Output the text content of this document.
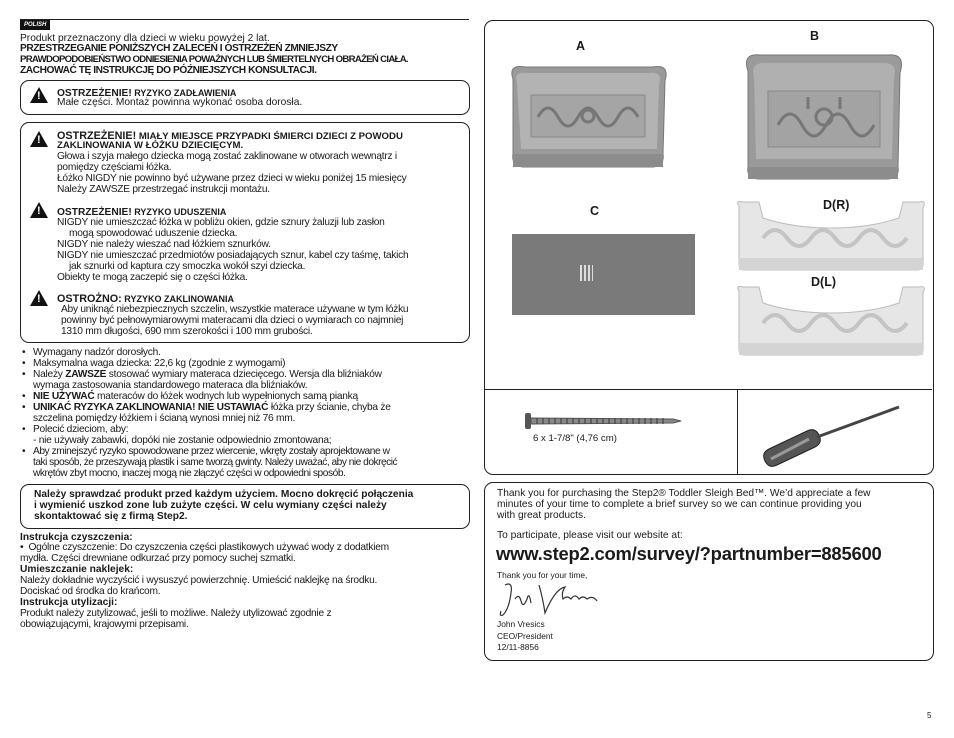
POLISH
Produkt przeznaczony dla dzieci w wieku powyżej 2 lat.
PRZESTRZEGANIE PONIŻSZYCH ZALECEŃ I OSTRZEŻEŃ ZMNIEJSZY
PRAWDOPODOBIEŃSTWO ODNIESIENIA POWAŻNYCH LUB ŚMIERTELNYCH OBRAŻEŃ CIAŁA.
ZACHOWAĆ TĘ INSTRUKCJĘ DO PÓŹNIEJSZYCH KONSULTACJI.
! OSTRZEŻENIE! RYZYKO ZADŁAWIENIA
Małe części. Montaż powinna wykonać osoba dorosła.
! OSTRZEŻENIE! MIAŁY MIEJSCE PRZYPADKI ŚMIERCI DZIECI Z POWODU
ZAKLINOWANIA W ŁÓŻKU DZIECIĘCYM.
Głowa i szyja małego dziecka mogą zostać zaklinowane w otworach wewnątrz i
pomiędzy częściami łóżka.
Łóżko NIGDY nie powinno być używane przez dzieci w wieku poniżej 15 miesięcy
Należy ZAWSZE przestrzegać instrukcji montażu.
! OSTRZEŻENIE! RYZYKO UDUSZENIA
NIGDY nie umieszczać łóżka w pobliżu okien, gdzie sznury żaluzji lub zasłon
mogą spowodować uduszenie dziecka.
NIGDY nie należy wieszać nad łóżkiem sznurków.
NIGDY nie umieszczać przedmiotów posiadających sznur, kabel czy taśmę, takich
jak sznurki od kaptura czy smoczka wokół szyi dziecka.
Obiekty te mogą zaczepić się o części łóżka.
! OSTROŻNO: RYZYKO ZAKLINOWANIA
Aby uniknąć niebezpiecznych szczelin, wszystkie materace używane w tym łóżku
powinny być pełnowymiarowymi materacami dla dzieci o wymiarach co najmniej
1310 mm długości, 690 mm szerokości i 100 mm grubości.
• Wymagany nadzór dorosłych.
• Maksymalna waga dziecka: 22,6 kg (zgodnie z wymogami)
• Należy ZAWSZE stosować wymiary materaca dziecięcego. Wersja dla bliźniaków
wymaga zastosowania standardowego materaca dla bliźniaków.
• NIE UŻYWAĆ materaców do łóżek wodnych lub wypełnionych samą pianką
• UNIKAĆ RYZYKA ZAKLINOWANIA! NIE USTAWIAĆ łóżka przy ścianie, chyba że
szczelina pomiędzy łóżkiem i ścianą wynosi mniej niż 76 mm.
• Polecić dzieciom, aby:
- nie używały zabawki, dopóki nie zostanie odpowiednio zmontowana;
• Aby zminejszyć ryzyko spowodowane przez wiercenie, wkręty zostały aprojektowane w
taki sposób, że przeszywają plastik i same tworzą gwinty. Należy uważać, aby nie dokręcić
wkrętów zbyt mocno, inaczej mogą nie złączyć części w odpowiedni sposób.
Należy sprawdzać produkt przed każdym użyciem. Mocno dokręcić połączenia
i wymienić uszkod zone lub zużyte części. W celu wymiany części należy
skontaktować się z firmą Step2.
Instrukcja czyszczenia:
•  Ogólne czyszczenie: Do czyszczenia części plastikowych używać wody z dodatkiem
mydła. Części drewniane odkurzać przy pomocy suchej szmatki.
Umieszczanie naklejek:
Należy dokładnie wyczyścić i wysuszyć powierzchnię. Umieścić naklejkę na środku.
Dociskać od środka do krańcom.
Instrukcja utylizacji:
Produkt należy zutylizować, jeśli to możliwe. Należy utylizować zgodnie z
obowiązującymi, krajowymi przepisami.
A
B
C	D(R)
D(L)
6 x 1-7/8" (4,76 cm)
Thank you for purchasing the Step2® Toddler Sleigh Bed™. We’d appreciate a few
minutes of your time to complete a brief survey so we can continue providing you
with great products.
To participate, please visit our website at:
www.step2.com/survey/?partnumber=885600
Thank you for your time,
John Vresics
CEO/President
12/11-8856
5
